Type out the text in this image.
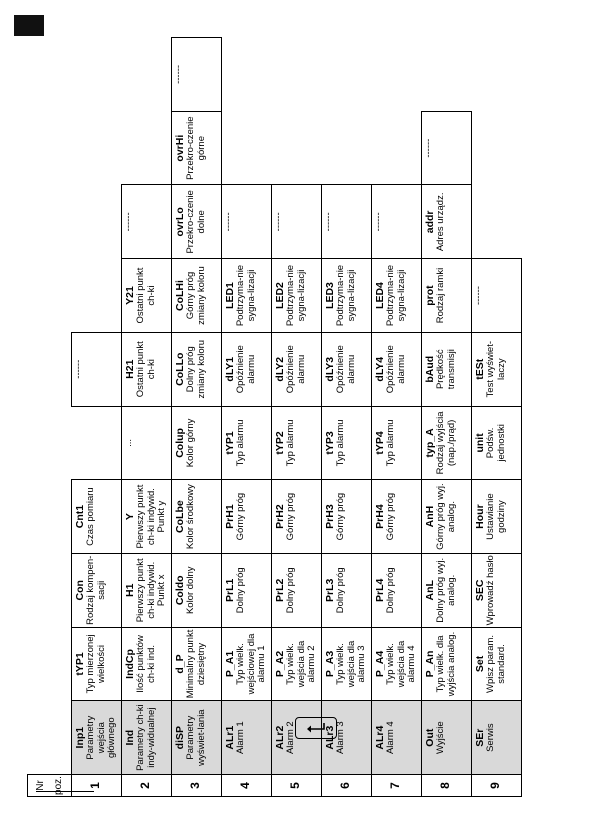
Nr
poz.										

1	Inp1 Parametry wejścia głównego	tYP1 Typ mierzonej wielkości	Con Rodzaj kompen-sacji	Cnt1 Czas pomiaru		------				

2	Ind Parametry ch-ki indy-widualnej	IndCp Ilość punktów ch-ki ind.	H1 Pierwszy punkt ch-ki indywid. Punkt x	Y Pierwszy punkt ch-ki indywid. Punkt y	...	H21 Ostatni punkt ch-ki	Y21 Ostatni punkt ch-ki	------		

3	diSP Parametry wyświet-lania	d_P Minimalny punkt dziesiętny	Coldo Kolor dolny	CoLbe Kolor środkowy	Colup Kolor górny	CoLLo Dolny próg zmiany koloru	CoLHi Górny próg zmiany koloru	ovrLo Przekro-czenie dolne	ovrHi Przekro-czenie górne	------

4	ALr1 Alarm 1	P_A1 Typ wielk. wejściowej dla alarmu 1	PrL1 Dolny próg	PrH1 Górny próg	tYP1 Typ alarmu	dLY1 Opóźnienie alarmu	LED1 Podtrzyma-nie sygna-lizacji	------		

5	ALr2 Alarm 2	P_A2 Typ wielk. wejścia dla alarmu 2	PrL2 Dolny próg	PrH2 Górny próg	tYP2 Typ alarmu	dLY2 Opóźnienie alarmu	LED2 Podtrzyma-nie sygna-lizacji	------		

6	ALr3 Alarm 3	P_A3 Typ wielk. wejścia dla alarmu 3	PrL3 Dolny próg	PrH3 Górny próg	tYP3 Typ alarmu	dLY3 Opóźnienie alarmu	LED3 Podtrzyma-nie sygna-lizacji	------		

7	ALr4 Alarm 4	P_A4 Typ wielk. wejścia dla alarmu 4	PrL4 Dolny próg	PrH4 Górny próg	tYP4 Typ alarmu	dLY4 Opóźnienie alarmu	LED4 Podtrzyma-nie sygna-lizacji	------		

8	Out Wyjście	P_An Typ wielk. dla wyjścia analog.	AnL Dolny próg wyj. analog.	AnH Górny próg wyj. analog.	typ_A Rodzaj wyjścia (nap./prąd)	bAud Prędkość transmisji	prot Rodzaj ramki	addr Adres urządz.	------	

9	SEr Serwis	Set Wpisz param. standard.	SEC Wprowadź hasło	Hour Ustawianie godziny	unit Podśw. jednostki	tESt Test wyświet-laczy	------			
